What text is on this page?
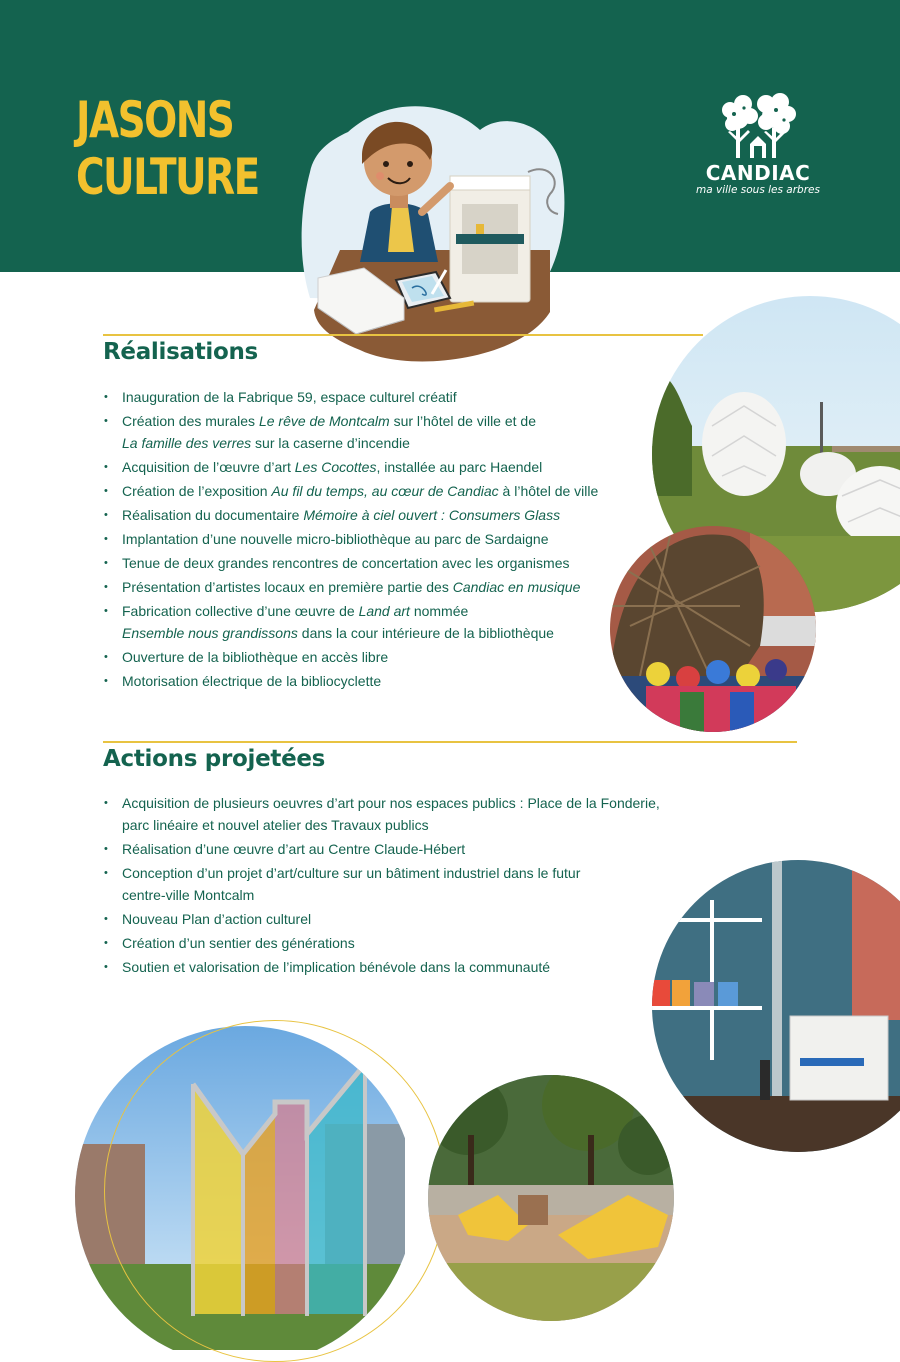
JASONS
CULTURE	CANDIAC
ma ville sous les arbres
Réalisations
• Inauguration de la Fabrique 59, espace culturel créatif
• Création des murales Le rêve de Montcalm sur l’hôtel de ville et de
La famille des verres sur la caserne d’incendie
• Acquisition de l’œuvre d’art Les Cocottes, installée au parc Haendel
• Création de l’exposition Au fil du temps, au cœur de Candiac à l’hôtel de ville
• Réalisation du documentaire Mémoire à ciel ouvert : Consumers Glass
• Implantation d’une nouvelle micro-bibliothèque au parc de Sardaigne
• Tenue de deux grandes rencontres de concertation avec les organismes
• Présentation d’artistes locaux en première partie des Candiac en musique
• Fabrication collective d’une œuvre de Land art nommée
Ensemble nous grandissons dans la cour intérieure de la bibliothèque
• Ouverture de la bibliothèque en accès libre
• Motorisation électrique de la bibliocyclette
Actions projetées
• Acquisition de plusieurs oeuvres d’art pour nos espaces publics : Place de la Fonderie,
parc linéaire et nouvel atelier des Travaux publics
• Réalisation d’une œuvre d’art au Centre Claude-Hébert
• Conception d’un projet d’art/culture sur un bâtiment industriel dans le futur
centre-ville Montcalm
• Nouveau Plan d’action culturel
• Création d’un sentier des générations
• Soutien et valorisation de l’implication bénévole dans la communauté
